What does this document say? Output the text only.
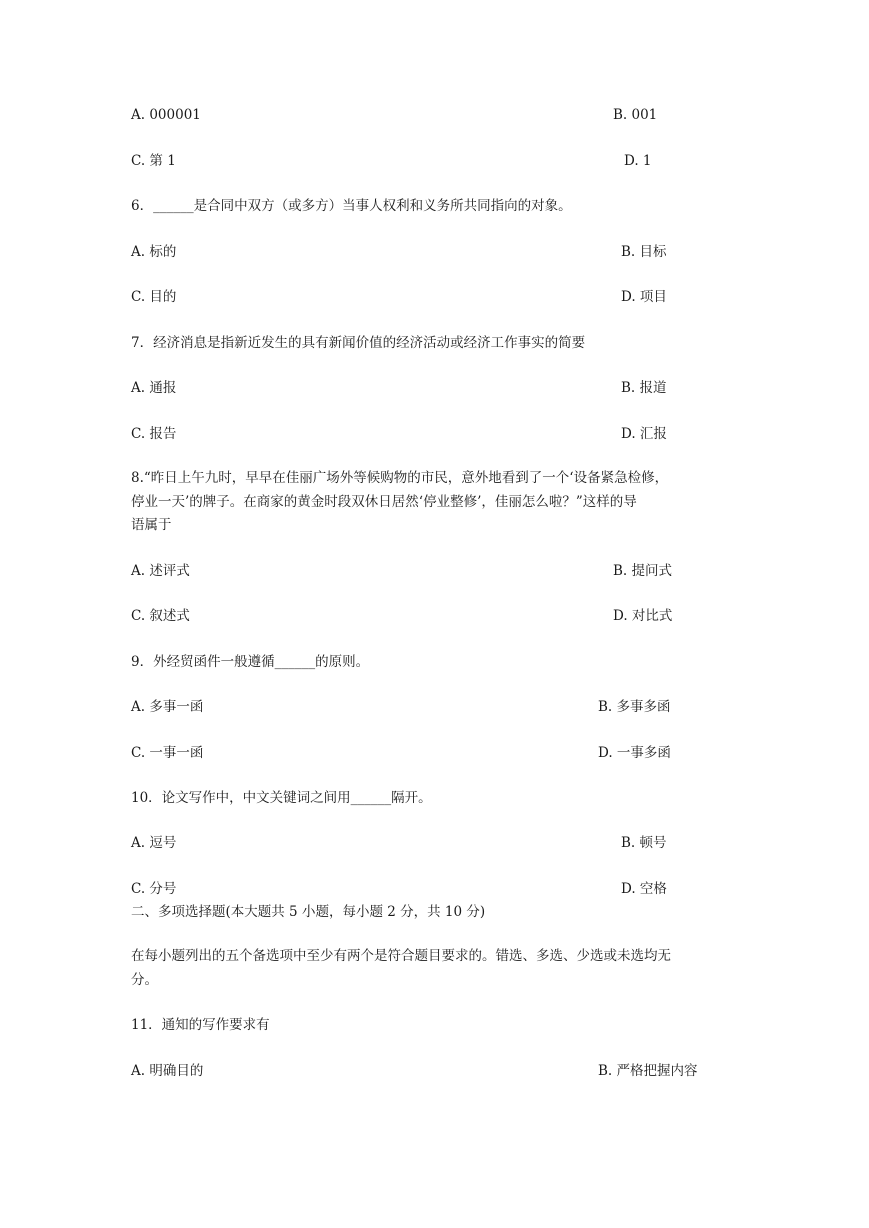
A. 000001	B. 001
C. 第 1	D. 1
6．______是合同中双方（或多方）当事人权利和义务所共同指向的对象。
A. 标的	B. 目标
C. 目的	D. 项目
7．经济消息是指新近发生的具有新闻价值的经济活动或经济工作事实的简要
A. 通报	B. 报道
C. 报告	D. 汇报
8.“昨日上午九时，早早在佳丽广场外等候购物的市民，意外地看到了一个‘设备紧急检修，
停业一天’的牌子。在商家的黄金时段双休日居然‘停业整修’，佳丽怎么啦？”这样的导
语属于
A. 述评式	B. 提问式
C. 叙述式	D. 对比式
9．外经贸函件一般遵循______的原则。
A. 多事一函	B. 多事多函
C. 一事一函	D. 一事多函
10．论文写作中，中文关键词之间用______隔开。
A. 逗号	B. 顿号
C. 分号	D. 空格
二、多项选择题(本大题共 5 小题，每小题 2 分，共 10 分)
在每小题列出的五个备选项中至少有两个是符合题目要求的。错选、多选、少选或未选均无
分。
11．通知的写作要求有
A. 明确目的	B. 严格把握内容
